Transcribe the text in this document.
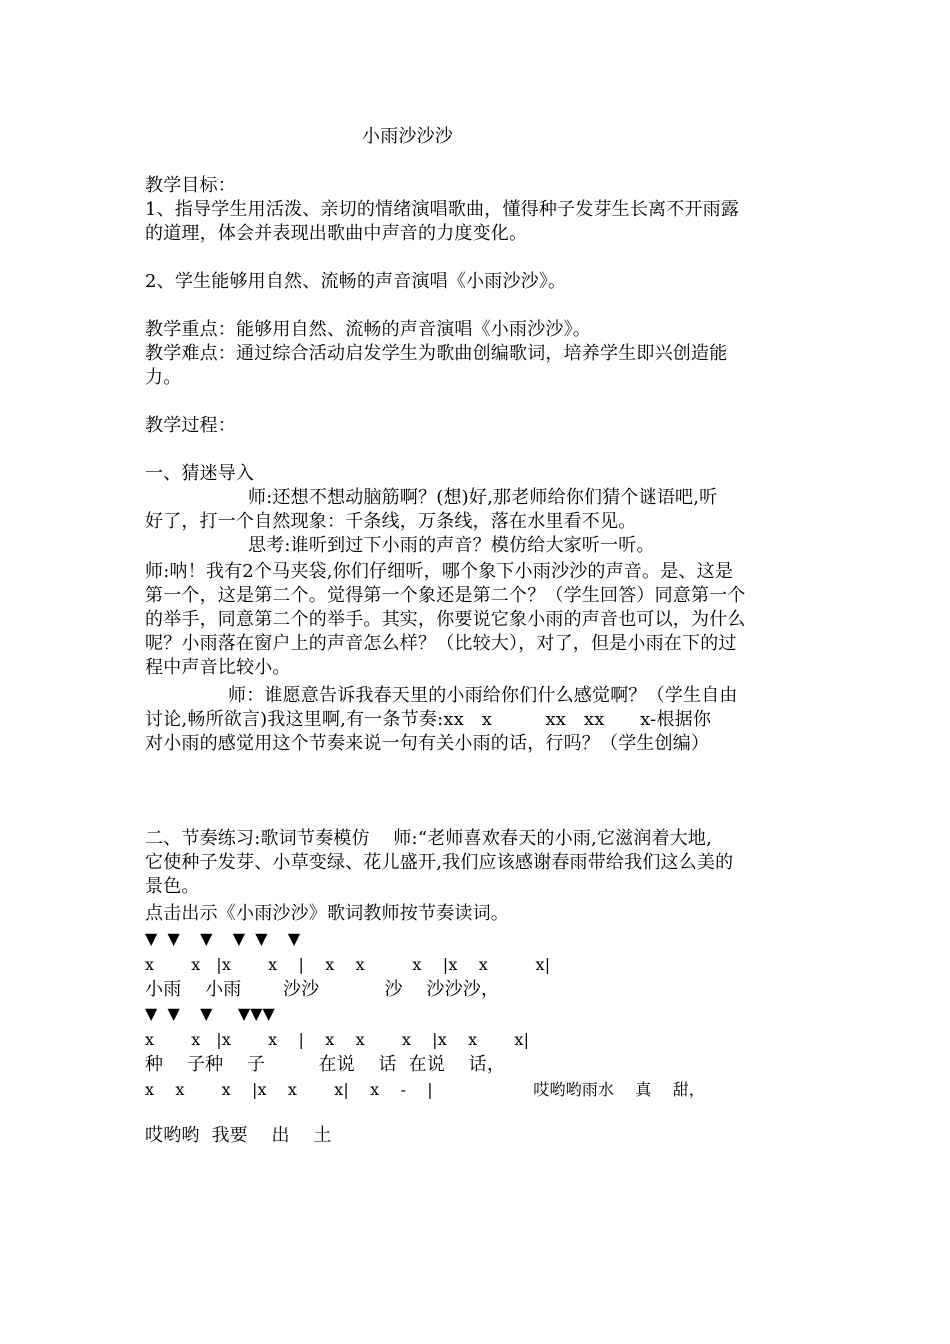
小雨沙沙沙
教学目标：
1、指导学生用活泼、亲切的情绪演唱歌曲，懂得种子发芽生长离不开雨露
的道理，体会并表现出歌曲中声音的力度变化。
2、学生能够用自然、流畅的声音演唱《小雨沙沙》。
教学重点：能够用自然、流畅的声音演唱《小雨沙沙》。
教学难点：通过综合活动启发学生为歌曲创编歌词，培养学生即兴创造能
力。
教学过程：
一、猜迷导入
师:还想不想动脑筋啊？(想)好,那老师给你们猜个谜语吧,听
好了，打一个自然现象：千条线，万条线，落在水里看不见。
思考:谁听到过下小雨的声音？模仿给大家听一听。
师:呐！我有2个马夹袋,你们仔细听，哪个象下小雨沙沙的声音。是、这是
第一个，这是第二个。觉得第一个象还是第二个？（学生回答）同意第一个
的举手，同意第二个的举手。其实，你要说它象小雨的声音也可以，为什么
呢？小雨落在窗户上的声音怎么样？（比较大），对了，但是小雨在下的过
程中声音比较小。
师：谁愿意告诉我春天里的小雨给你们什么感觉啊？（学生自由
讨论,畅所欲言)我这里啊,有一条节奏:xx   x         xx   xx      x-根据你
对小雨的感觉用这个节奏来说一句有关小雨的话，行吗？（学生创编）
二、节奏练习:歌词节奏模仿    师:“老师喜欢春天的小雨,它滋润着大地,
它使种子发芽、小草变绿、花儿盛开,我们应该感谢春雨带给我们这么美的
景色。
点击出示《小雨沙沙》歌词教师按节奏读词。
▼  ▼    ▼    ▼  ▼    ▼
x       x   |x       x    |    x    x         x    |x    x         x|
小雨    小雨       沙沙           沙    沙沙沙，
▼  ▼    ▼     ▼▼▼
x       x   |x       x    |    x    x       x    |x    x       x|
种    子种    子         在说    话  在说    话，
x    x       x    |x    x       x|    x    -    |                   哎哟哟雨水    真    甜，
哎哟哟  我要    出    土
